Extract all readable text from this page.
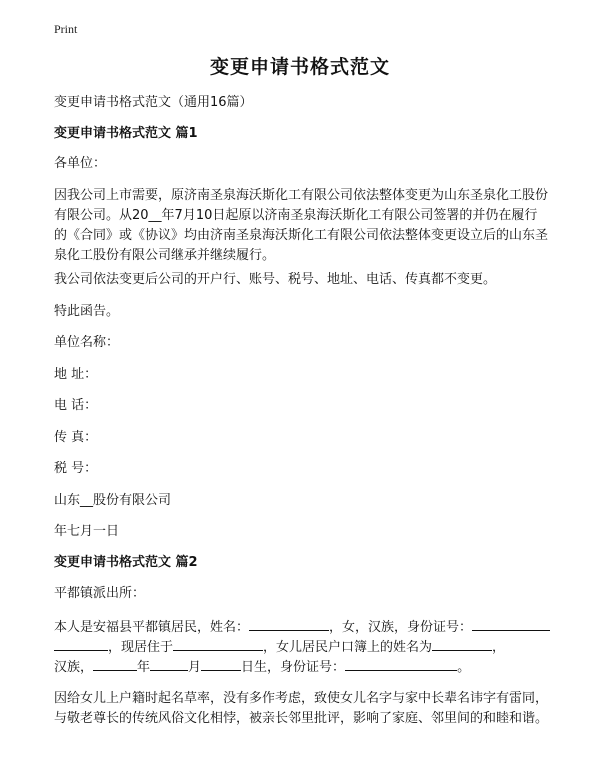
Print
变更申请书格式范文
变更申请书格式范文（通用16篇）
变更申请书格式范文 篇1
各单位：
因我公司上市需要，原济南圣泉海沃斯化工有限公司依法整体变更为山东圣泉化工股份有限公司。从20__年7月10日起原以济南圣泉海沃斯化工有限公司签署的并仍在履行的《合同》或《协议》均由济南圣泉海沃斯化工有限公司依法整体变更设立后的山东圣泉化工股份有限公司继承并继续履行。
我公司依法变更后公司的开户行、账号、税号、地址、电话、传真都不变更。
特此函告。
单位名称：
地 址：
电 话：
传 真：
税 号：
山东__股份有限公司
年七月一日
变更申请书格式范文 篇2
平都镇派出所：
本人是安福县平都镇居民，姓名：	，女，汉族，身份证号：
，现居住于	，女儿居民户口簿上的姓名为	，
汉族，	年	月	日生，身份证号：	。
因给女儿上户籍时起名草率，没有多作考虑，致使女儿名字与家中长辈名讳字有雷同，与敬老尊长的传统风俗文化相悖，被亲长邻里批评，影响了家庭、邻里间的和睦和谐。
